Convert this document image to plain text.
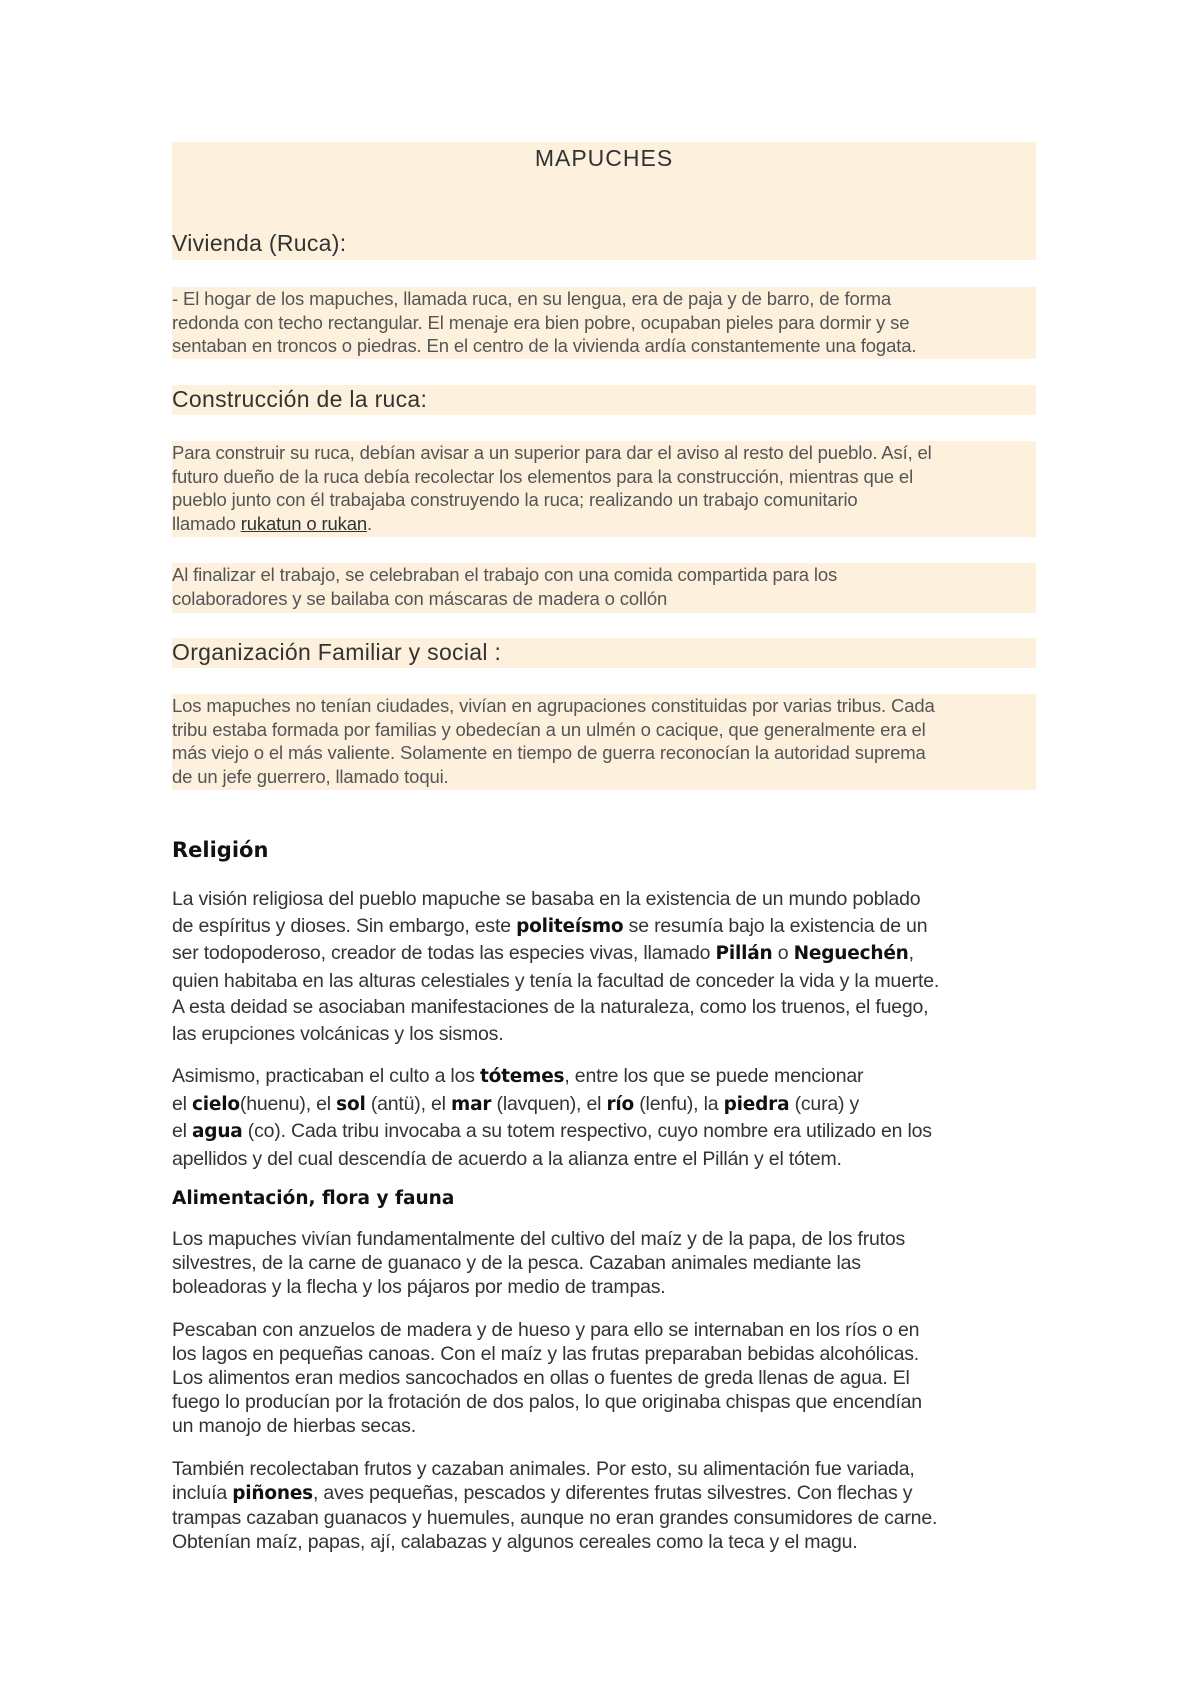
MAPUCHES
Vivienda (Ruca):
- El hogar de los mapuches, llamada ruca, en su lengua, era de paja y de barro, de forma
redonda con techo rectangular. El menaje era bien pobre, ocupaban pieles para dormir y se
sentaban en troncos o piedras. En el centro de la vivienda ardía constantemente una fogata.
Construcción de la ruca:
Para construir su ruca, debían avisar a un superior para dar el aviso al resto del pueblo. Así, el
futuro dueño de la ruca debía recolectar los elementos para la construcción, mientras que el
pueblo junto con él trabajaba construyendo la ruca; realizando un trabajo comunitario
llamado rukatun o rukan.
Al finalizar el trabajo, se celebraban el trabajo con una comida compartida para los
colaboradores y se bailaba con máscaras de madera o collón
Organización Familiar y social :
Los mapuches no tenían ciudades, vivían en agrupaciones constituidas por varias tribus. Cada
tribu estaba formada por familias y obedecían a un ulmén o cacique, que generalmente era el
más viejo o el más valiente. Solamente en tiempo de guerra reconocían la autoridad suprema
de un jefe guerrero, llamado toqui.
Religión
La visión religiosa del pueblo mapuche se basaba en la existencia de un mundo poblado
de espíritus y dioses. Sin embargo, este politeísmo se resumía bajo la existencia de un
ser todopoderoso, creador de todas las especies vivas, llamado Pillán o Neguechén,
quien habitaba en las alturas celestiales y tenía la facultad de conceder la vida y la muerte.
A esta deidad se asociaban manifestaciones de la naturaleza, como los truenos, el fuego,
las erupciones volcánicas y los sismos.
Asimismo, practicaban el culto a los tótemes, entre los que se puede mencionar
el cielo(huenu), el sol (antü), el mar (lavquen), el río (lenfu), la piedra (cura) y
el agua (co). Cada tribu invocaba a su totem respectivo, cuyo nombre era utilizado en los
apellidos y del cual descendía de acuerdo a la alianza entre el Pillán y el tótem.
Alimentación, flora y fauna
Los mapuches vivían fundamentalmente del cultivo del maíz y de la papa, de los frutos
silvestres, de la carne de guanaco y de la pesca. Cazaban animales mediante las
boleadoras y la flecha y los pájaros por medio de trampas.
Pescaban con anzuelos de madera y de hueso y para ello se internaban en los ríos o en
los lagos en pequeñas canoas. Con el maíz y las frutas preparaban bebidas alcohólicas.
Los alimentos eran medios sancochados en ollas o fuentes de greda llenas de agua. El
fuego lo producían por la frotación de dos palos, lo que originaba chispas que encendían
un manojo de hierbas secas.
También recolectaban frutos y cazaban animales. Por esto, su alimentación fue variada,
incluía piñones, aves pequeñas, pescados y diferentes frutas silvestres. Con flechas y
trampas cazaban guanacos y huemules, aunque no eran grandes consumidores de carne.
Obtenían maíz, papas, ají, calabazas y algunos cereales como la teca y el magu.
